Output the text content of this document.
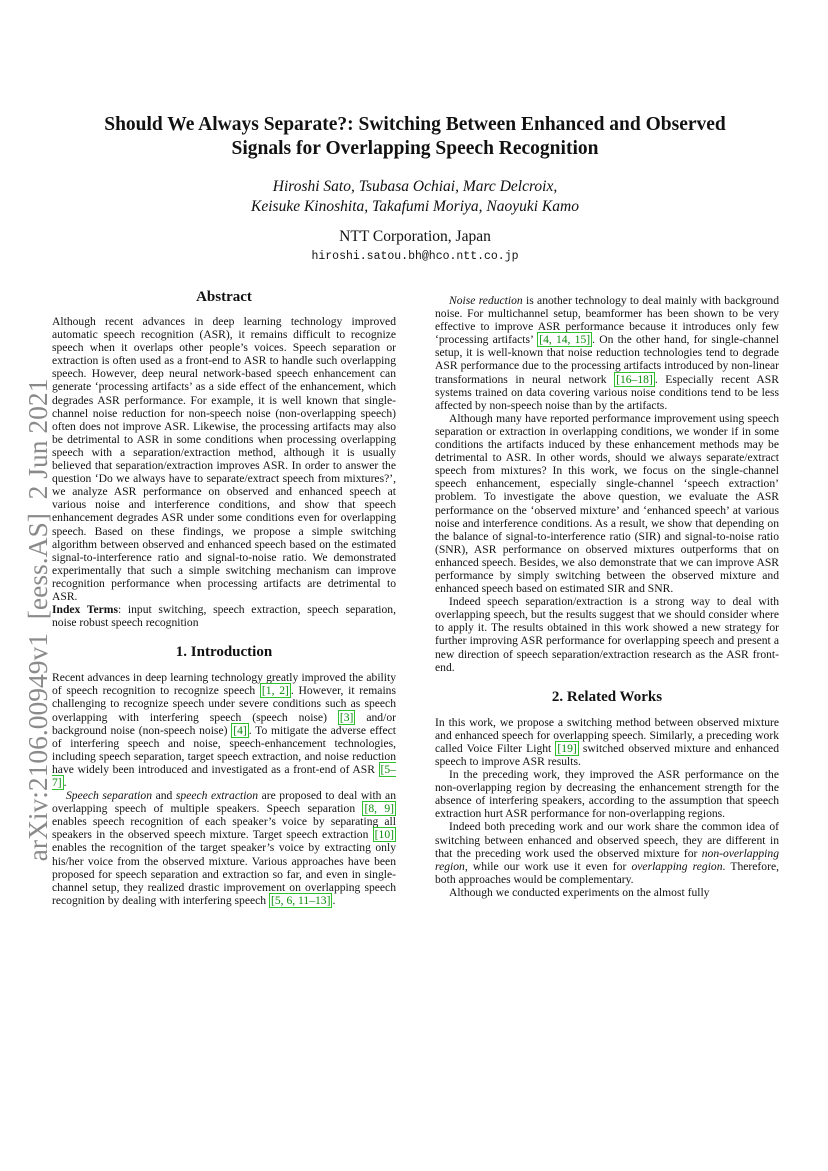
arXiv:2106.00949v1  [eess.AS]  2 Jun 2021
Should We Always Separate?: Switching Between Enhanced and Observed
Signals for Overlapping Speech Recognition
Hiroshi Sato, Tsubasa Ochiai, Marc Delcroix,
Keisuke Kinoshita, Takafumi Moriya, Naoyuki Kamo
NTT Corporation, Japan
hiroshi.satou.bh@hco.ntt.co.jp
Abstract

Although recent advances in deep learning technology improved automatic speech recognition (ASR), it remains difficult to recognize speech when it overlaps other people’s voices. Speech separation or extraction is often used as a front-end to ASR to handle such overlapping speech. However, deep neural network-based speech enhancement can generate ‘processing artifacts’ as a side effect of the enhancement, which degrades ASR performance. For example, it is well known that single-channel noise reduction for non-speech noise (non-overlapping speech) often does not improve ASR. Likewise, the processing artifacts may also be detrimental to ASR in some conditions when processing overlapping speech with a separation/extraction method, although it is usually believed that separation/extraction improves ASR. In order to answer the question ‘Do we always have to separate/extract speech from mixtures?’, we analyze ASR performance on observed and enhanced speech at various noise and interference conditions, and show that speech enhancement degrades ASR under some conditions even for overlapping speech. Based on these findings, we propose a simple switching algorithm between observed and enhanced speech based on the estimated signal-to-interference ratio and signal-to-noise ratio. We demonstrated experimentally that such a simple switching mechanism can improve recognition performance when processing artifacts are detrimental to ASR.

Index Terms: input switching, speech extraction, speech separation, noise robust speech recognition

1. Introduction

Recent advances in deep learning technology greatly improved the ability of speech recognition to recognize speech [1, 2] . However, it remains challenging to recognize speech under severe conditions such as speech overlapping with interfering speech (speech noise) [3] and/or background noise (non-speech noise) [4] . To mitigate the adverse effect of interfering speech and noise, speech-enhancement technologies, including speech separation, target speech extraction, and noise reduction have widely been introduced and investigated as a front-end of ASR [5–7] .

Speech separation and speech extraction are proposed to deal with an overlapping speech of multiple speakers. Speech separation [8, 9] enables speech recognition of each speaker’s voice by separating all speakers in the observed speech mixture. Target speech extraction [10] enables the recognition of the target speaker’s voice by extracting only his/her voice from the observed mixture. Various approaches have been proposed for speech separation and extraction so far, and even in single-channel setup, they realized drastic improvement on overlapping speech recognition by dealing with interfering speech [5, 6, 11–13] .

Noise reduction is another technology to deal mainly with background noise. For multichannel setup, beamformer has been shown to be very effective to improve ASR performance because it introduces only few ‘processing artifacts’ [4, 14, 15] . On the other hand, for single-channel setup, it is well-known that noise reduction technologies tend to degrade ASR performance due to the processing artifacts introduced by non-linear transformations in neural network [16–18] . Especially recent ASR systems trained on data covering various noise conditions tend to be less affected by non-speech noise than by the artifacts.

Although many have reported performance improvement using speech separation or extraction in overlapping conditions, we wonder if in some conditions the artifacts induced by these enhancement methods may be detrimental to ASR. In other words, should we always separate/extract speech from mixtures? In this work, we focus on the single-channel speech enhancement, especially single-channel ‘speech extraction’ problem. To investigate the above question, we evaluate the ASR performance on the ‘observed mixture’ and ‘enhanced speech’ at various noise and interference conditions. As a result, we show that depending on the balance of signal-to-interference ratio (SIR) and signal-to-noise ratio (SNR), ASR performance on observed mixtures outperforms that on enhanced speech. Besides, we also demonstrate that we can improve ASR performance by simply switching between the observed mixture and enhanced speech based on estimated SIR and SNR.

Indeed speech separation/extraction is a strong way to deal with overlapping speech, but the results suggest that we should consider where to apply it. The results obtained in this work showed a new strategy for further improving ASR performance for overlapping speech and present a new direction of speech separation/extraction research as the ASR front-end.

2. Related Works

In this work, we propose a switching method between observed mixture and enhanced speech for overlapping speech. Similarly, a preceding work called Voice Filter Light [19] switched observed mixture and enhanced speech to improve ASR results.

In the preceding work, they improved the ASR performance on the non-overlapping region by decreasing the enhancement strength for the absence of interfering speakers, according to the assumption that speech extraction hurt ASR performance for non-overlapping regions.

Indeed both preceding work and our work share the common idea of switching between enhanced and observed speech, they are different in that the preceding work used the observed mixture for non-overlapping region, while our work use it even for overlapping region. Therefore, both approaches would be complementary.

Although we conducted experiments on the almost fully
